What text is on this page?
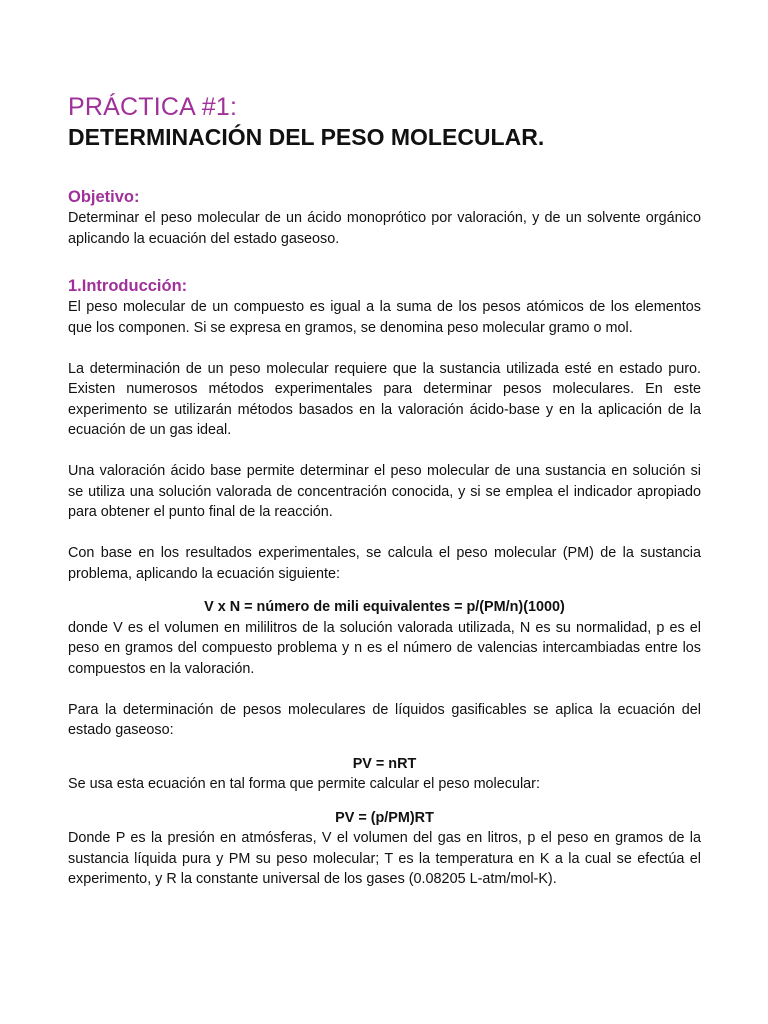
PRÁCTICA #1:
DETERMINACIÓN DEL PESO MOLECULAR.
Objetivo:

Determinar el peso molecular de un ácido monoprótico por valoración, y de un solvente orgánico aplicando la ecuación del estado gaseoso.

1.Introducción:

El peso molecular de un compuesto es igual a la suma de los pesos atómicos de los elementos que los componen. Si se expresa en gramos, se denomina peso molecular gramo o mol.

La determinación de un peso molecular requiere que la sustancia utilizada esté en estado puro. Existen numerosos métodos experimentales para determinar pesos moleculares. En este experimento se utilizarán métodos basados en la valoración ácido-base y en la aplicación de la ecuación de un gas ideal.

Una valoración ácido base permite determinar el peso molecular de una sustancia en solución si se utiliza una solución valorada de concentración conocida, y si se emplea el indicador apropiado para obtener el punto final de la reacción.

Con base en los resultados experimentales, se calcula el peso molecular (PM) de la sustancia problema, aplicando la ecuación siguiente:

V x N = número de mili equivalentes = p/(PM/n)(1000)

donde V es el volumen en mililitros de la solución valorada utilizada, N es su normalidad, p es el peso en gramos del compuesto problema y n es el número de valencias intercambiadas entre los compuestos en la valoración.

Para la determinación de pesos moleculares de líquidos gasificables se aplica la ecuación del estado gaseoso:

PV = nRT

Se usa esta ecuación en tal forma que permite calcular el peso molecular:

PV = (p/PM)RT

Donde P es la presión en atmósferas, V el volumen del gas en litros, p el peso en gramos de la sustancia líquida pura y PM su peso molecular; T es la temperatura en K a la cual se efectúa el experimento, y R la constante universal de los gases (0.08205 L-atm/mol-K).
